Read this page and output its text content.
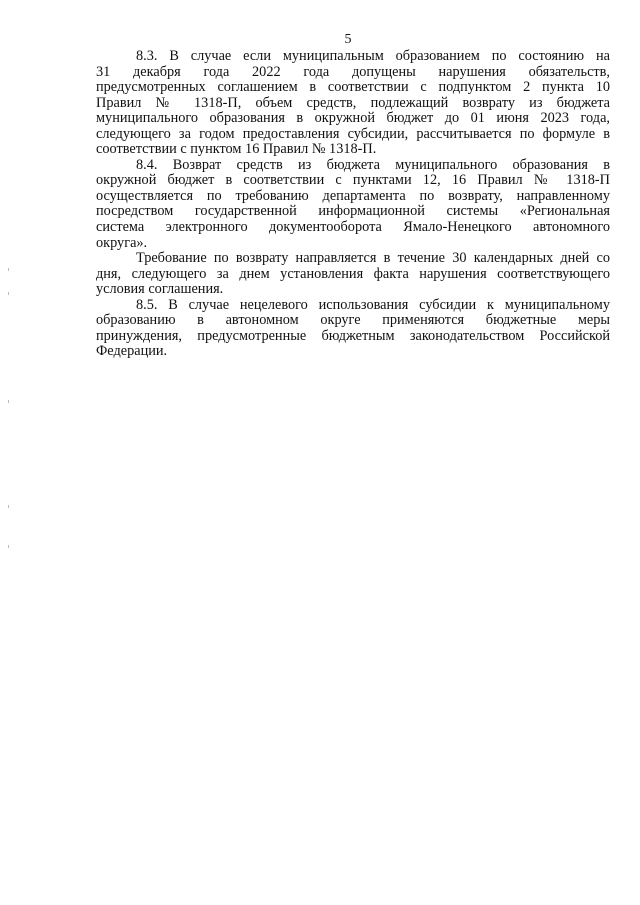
5
8.3. В случае если муниципальным образованием по состоянию на
31 декабря года 2022 года допущены нарушения обязательств,
предусмотренных соглашением в соответствии с подпунктом 2 пункта 10
Правил № 1318-П, объем средств, подлежащий возврату из бюджета
муниципального образования в окружной бюджет до 01 июня 2023 года,
следующего за годом предоставления субсидии, рассчитывается по формуле в
соответствии с пунктом 16 Правил № 1318-П.
8.4. Возврат средств из бюджета муниципального образования в
окружной бюджет в соответствии с пунктами 12, 16 Правил № 1318-П
осуществляется по требованию департамента по возврату, направленному
посредством государственной информационной системы «Региональная
система электронного документооборота Ямало-Ненецкого автономного
округа».
Требование по возврату направляется в течение 30 календарных дней со
дня, следующего за днем установления факта нарушения соответствующего
условия соглашения.
8.5. В случае нецелевого использования субсидии к муниципальному
образованию в автономном округе применяются бюджетные меры
принуждения, предусмотренные бюджетным законодательством Российской
Федерации.
